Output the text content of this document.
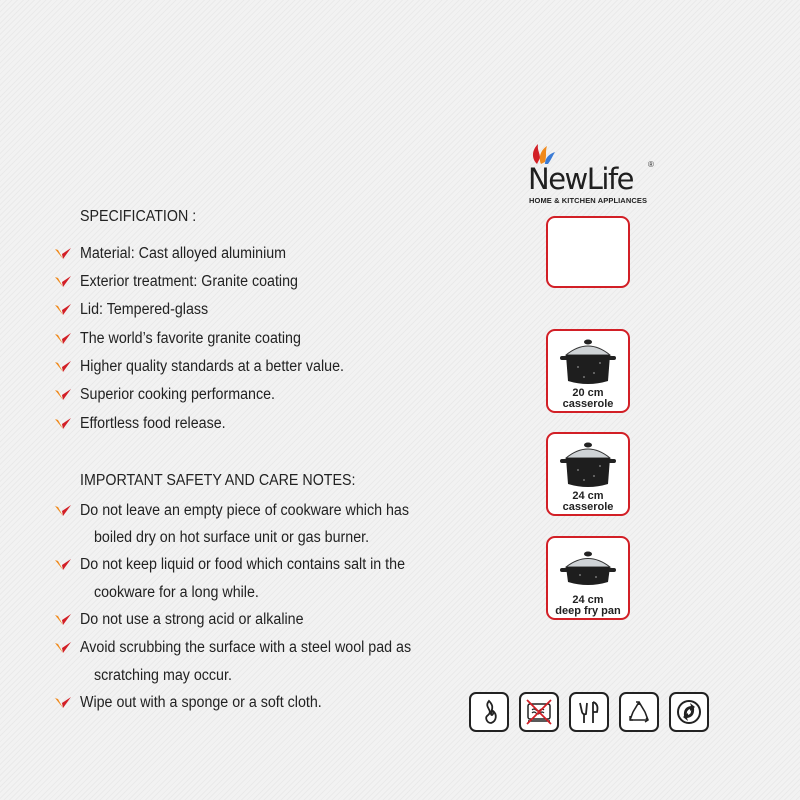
NewLife ®
HOME & KITCHEN APPLIANCES
SPECIFICATION :
Material: Cast alloyed aluminium
Exterior treatment: Granite coating
Lid: Tempered-glass
The world’s favorite granite coating
Higher quality standards at a better value.
Superior cooking performance.
Effortless food release.
IMPORTANT SAFETY AND CARE NOTES:
Do not leave an empty piece of cookware which has
boiled dry on hot surface unit or gas burner.
Do not keep liquid or food which contains salt in the
cookware for a long while.
Do not use a strong acid or alkaline
Avoid scrubbing the surface with a steel wool pad as
scratching may occur.
Wipe out with a sponge or a soft cloth.
20 cm
casserole
24 cm
casserole
24 cm
deep fry pan
